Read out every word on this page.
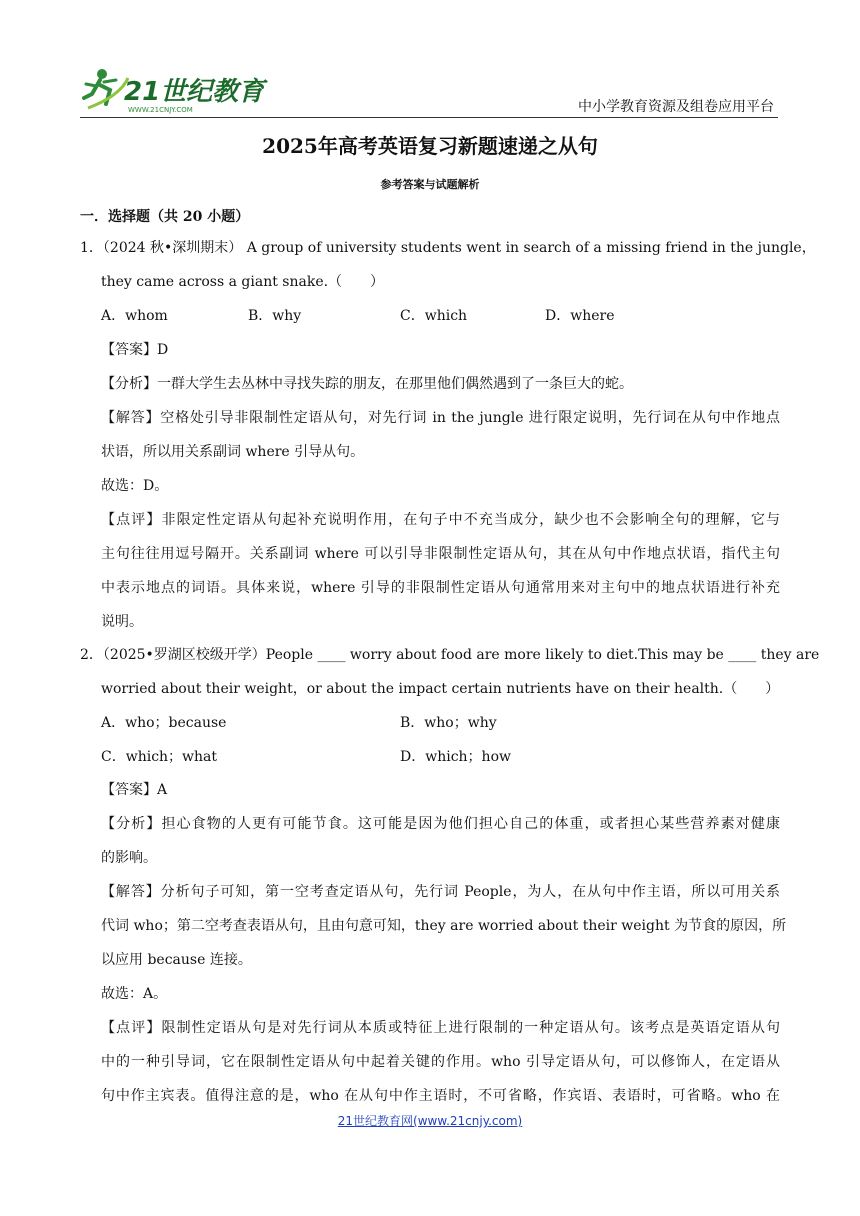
21世纪教育
WWW.21CNJY.COM	中小学教育资源及组卷应用平台
2025年高考英语复习新题速递之从句
参考答案与试题解析
一．选择题（共 20 小题）
1．（2024 秋•深圳期末） A group of university students went in search of a missing friend in the jungle，
they came across a giant snake.（　　）
A．whom	B．why	C．which	D．where
【答案】D
【分析】一群大学生去丛林中寻找失踪的朋友，在那里他们偶然遇到了一条巨大的蛇。
【解答】空格处引导非限制性定语从句，对先行词 in the jungle 进行限定说明，先行词在从句中作地点
状语，所以用关系副词 where 引导从句。
故选：D。
【点评】非限定性定语从句起补充说明作用，在句子中不充当成分，缺少也不会影响全句的理解，它与
主句往往用逗号隔开。关系副词 where 可以引导非限制性定语从句，其在从句中作地点状语，指代主句
中表示地点的词语。具体来说，where 引导的非限制性定语从句通常用来对主句中的地点状语进行补充
说明。
2．（2025•罗湖区校级开学）People ____ worry about food are more likely to diet.This may be ____ they are
worried about their weight，or about the impact certain nutrients have on their health.（　　）
A．who；because	B．who；why
C．which；what	D．which；how
【答案】A
【分析】担心食物的人更有可能节食。这可能是因为他们担心自己的体重，或者担心某些营养素对健康
的影响。
【解答】分析句子可知，第一空考查定语从句，先行词 People，为人，在从句中作主语，所以可用关系
代词 who；第二空考查表语从句，且由句意可知，they are worried about their weight 为节食的原因，所
以应用 because 连接。
故选：A。
【点评】限制性定语从句是对先行词从本质或特征上进行限制的一种定语从句。该考点是英语定语从句
中的一种引导词，它在限制性定语从句中起着关键的作用。who 引导定语从句，可以修饰人，在定语从
句中作主宾表。值得注意的是，who 在从句中作主语时，不可省略，作宾语、表语时，可省略。who 在
21世纪教育网(www.21cnjy.com)
